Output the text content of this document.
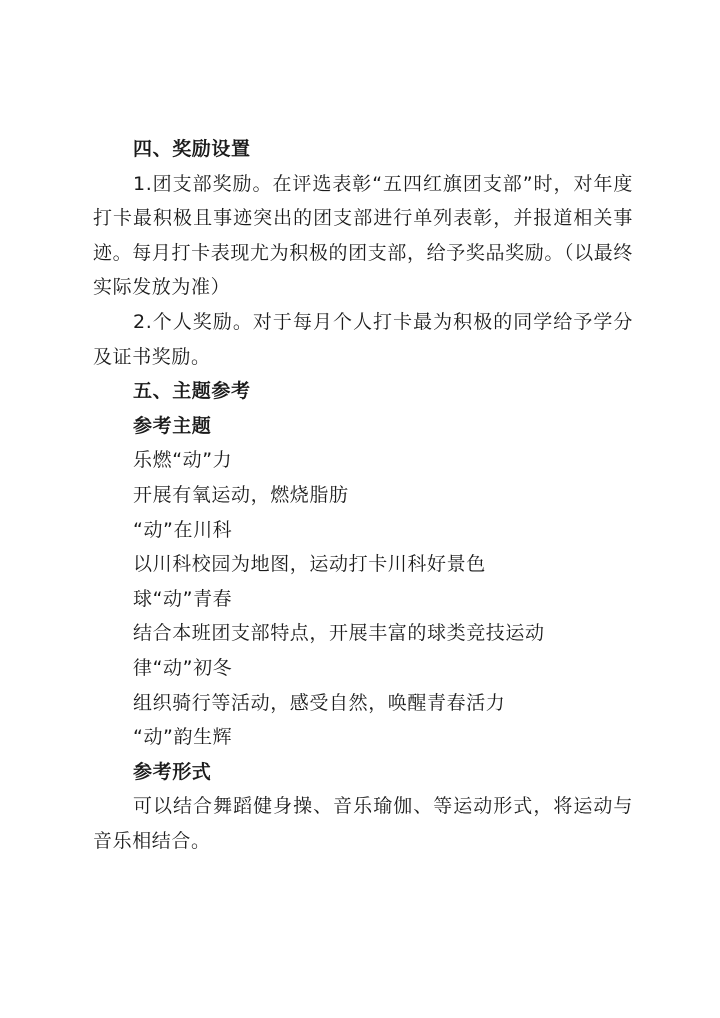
四、奖励设置

1.团支部奖励。在评选表彰“五四红旗团支部”时，对年度打卡最积极且事迹突出的团支部进行单列表彰，并报道相关事迹。每月打卡表现尤为积极的团支部，给予奖品奖励。（以最终实际发放为准）

2.个人奖励。对于每月个人打卡最为积极的同学给予学分及证书奖励。

五、主题参考

参考主题

乐燃“动”力

开展有氧运动，燃烧脂肪

“动”在川科

以川科校园为地图，运动打卡川科好景色

球“动”青春

结合本班团支部特点，开展丰富的球类竞技运动

律“动”初冬

组织骑行等活动，感受自然，唤醒青春活力

“动”韵生辉

参考形式

可以结合舞蹈健身操、音乐瑜伽、等运动形式，将运动与音乐相结合。
